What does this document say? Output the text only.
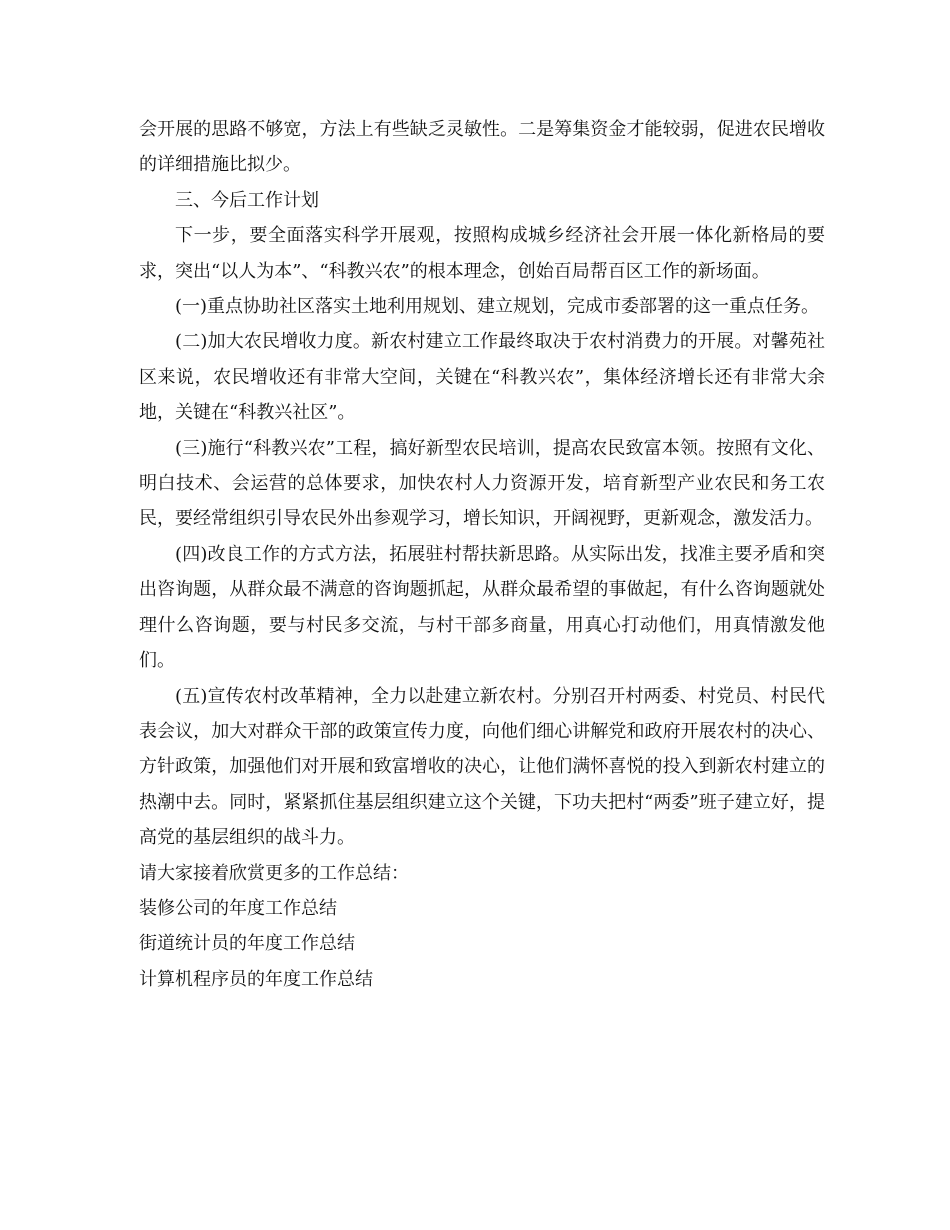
会开展的思路不够宽，方法上有些缺乏灵敏性。二是筹集资金才能较弱，促进农民增收的详细措施比拟少。

三、今后工作计划

下一步，要全面落实科学开展观，按照构成城乡经济社会开展一体化新格局的要求，突出“以人为本”、“科教兴农”的根本理念，创始百局帮百区工作的新场面。

(一)重点协助社区落实土地利用规划、建立规划，完成市委部署的这一重点任务。

(二)加大农民增收力度。新农村建立工作最终取决于农村消费力的开展。对馨苑社区来说，农民增收还有非常大空间，关键在“科教兴农”，集体经济增长还有非常大余地，关键在“科教兴社区”。

(三)施行“科教兴农”工程，搞好新型农民培训，提高农民致富本领。按照有文化、明白技术、会运营的总体要求，加快农村人力资源开发，培育新型产业农民和务工农民，要经常组织引导农民外出参观学习，增长知识，开阔视野，更新观念，激发活力。

(四)改良工作的方式方法，拓展驻村帮扶新思路。从实际出发，找准主要矛盾和突出咨询题，从群众最不满意的咨询题抓起，从群众最希望的事做起，有什么咨询题就处理什么咨询题，要与村民多交流，与村干部多商量，用真心打动他们，用真情激发他们。

(五)宣传农村改革精神，全力以赴建立新农村。分别召开村两委、村党员、村民代表会议，加大对群众干部的政策宣传力度，向他们细心讲解党和政府开展农村的决心、方针政策，加强他们对开展和致富增收的决心，让他们满怀喜悦的投入到新农村建立的热潮中去。同时，紧紧抓住基层组织建立这个关键，下功夫把村“两委”班子建立好，提高党的基层组织的战斗力。

请大家接着欣赏更多的工作总结：

装修公司的年度工作总结

街道统计员的年度工作总结

计算机程序员的年度工作总结
